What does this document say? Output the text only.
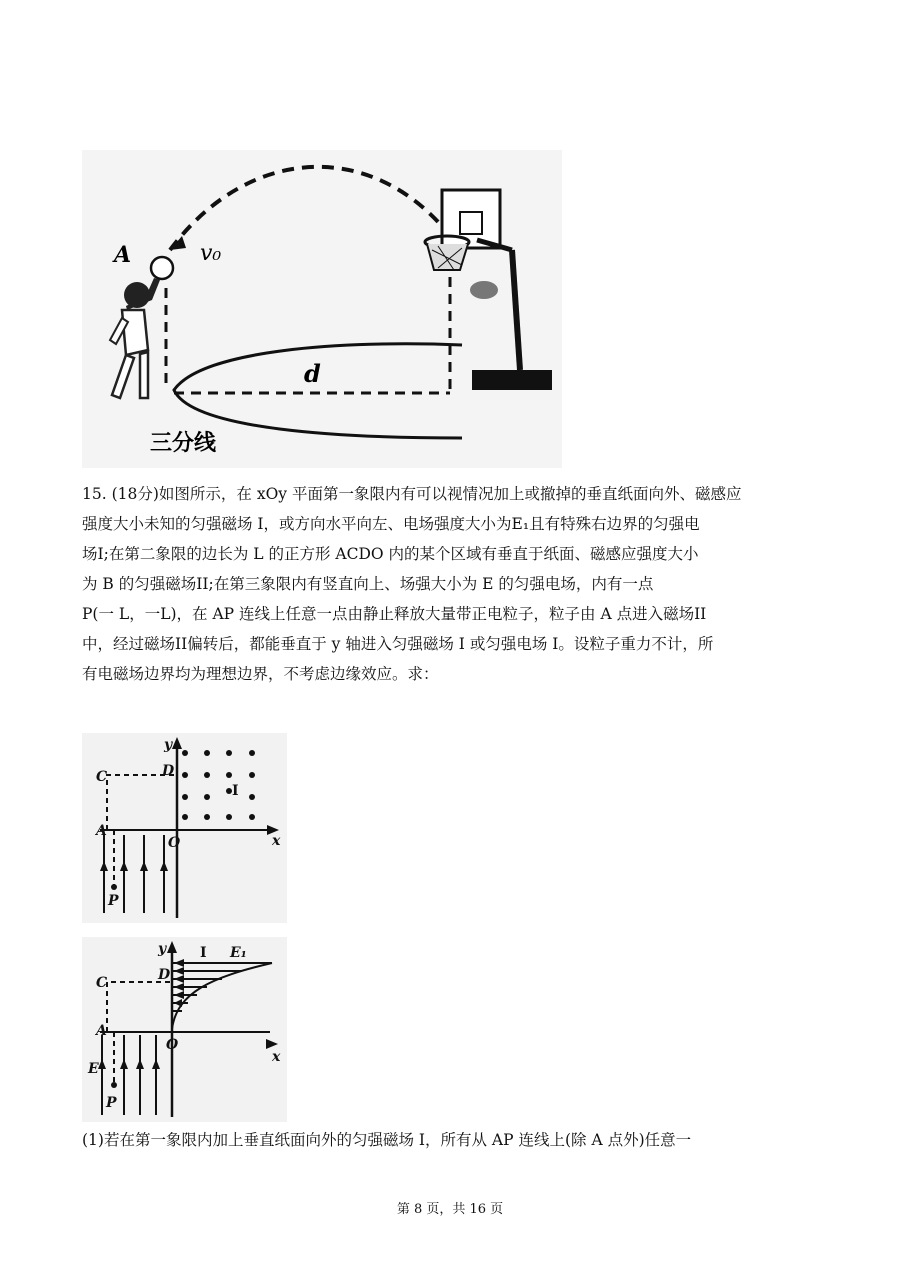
A	v₀
d
三分线
15. (18分)如图所示，在 xOy 平面第一象限内有可以视情况加上或撤掉的垂直纸面向外、磁感应
强度大小未知的匀强磁场 I，或方向水平向左、电场强度大小为E₁且有特殊右边界的匀强电
场I;在第二象限的边长为 L 的正方形 ACDO 内的某个区域有垂直于纸面、磁感应强度大小
为 B 的匀强磁场II;在第三象限内有竖直向上、场强大小为 E 的匀强电场，内有一点
P(一 L，一L)，在 AP 连线上任意一点由静止释放大量带正电粒子，粒子由 A 点进入磁场II
中，经过磁场II偏转后，都能垂直于 y 轴进入匀强磁场 I 或匀强电场 I。设粒子重力不计，所
有电磁场边界均为理想边界，不考虑边缘效应。求：
y
x
C	D
A
O
P
I
y
x
C	D
A
O
P
E
I E₁
(1)若在第一象限内加上垂直纸面向外的匀强磁场 I，所有从 AP 连线上(除 A 点外)任意一
第 8 页，共 16 页
